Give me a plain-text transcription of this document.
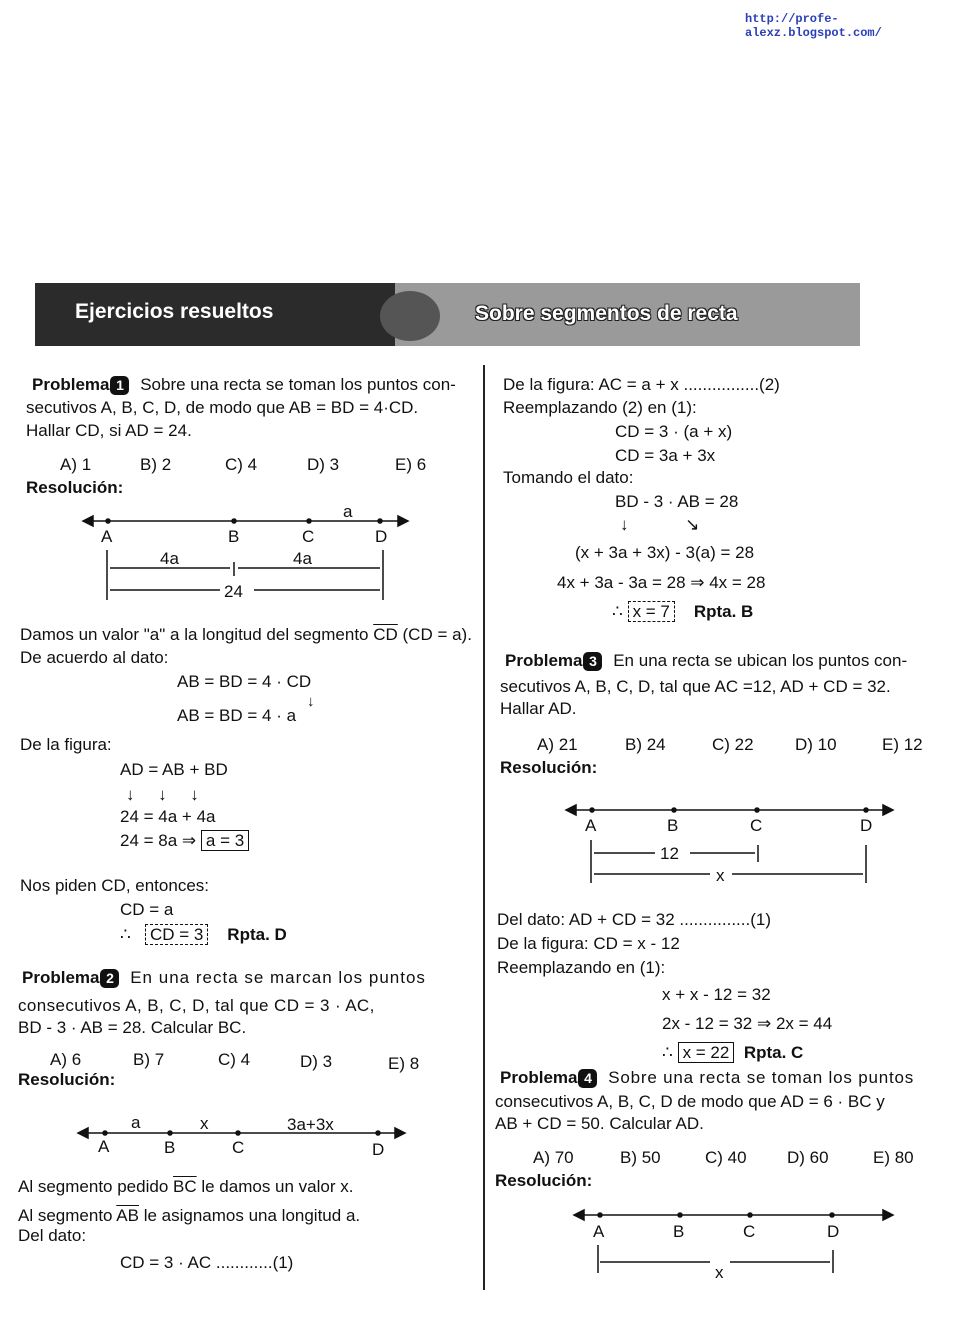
http://profe-alexz.blogspot.com/
Ejercicios resueltos	Sobre segmentos de recta
Problema 1 Sobre una recta se toman los puntos con-
secutivos A, B, C, D, de modo que AB = BD = 4·CD.
Hallar CD, si AD = 24.
A) 1	B) 2	C) 4	D) 3	E) 6
Resolución:
A	B	C	D
a
4a	4a
24
A	B	C	D
a	x	3a+3x
A	B	C	D
12
x
A	B	C	D
x
Damos un valor "a" a la longitud del segmento $\overline{CD}$ (CD = a).
De acuerdo al dato:
AB = BD = 4 · CD
↓
AB = BD = 4 · a
De la figura:
AD = AB + BD
↓     ↓     ↓
24 = 4a + 4a
24 = 8a ⇒ a = 3
Nos piden CD, entonces:
CD = a
∴ CD = 3 Rpta. D
Problema 2 En una recta se marcan los puntos
consecutivos A, B, C, D, tal que CD = 3 · AC,
BD - 3 · AB = 28. Calcular BC.
A) 6	B) 7	C) 4	D) 3	E) 8
Resolución:
Al segmento pedido $\overline{BC}$ le damos un valor x.
Al segmento $\overline{AB}$ le asignamos una longitud a.
Del dato:
CD = 3 · AC ............(1)
De la figura: AC = a + x ................(2)
Reemplazando (2) en (1):
CD = 3 · (a + x)
CD = 3a + 3x
Tomando el dato:
BD - 3 · AB = 28
↓            ↘
(x + 3a + 3x) - 3(a) = 28
4x + 3a - 3a = 28 ⇒ 4x = 28
∴ x = 7 Rpta. B
Problema 3 En una recta se ubican los puntos con-
secutivos A, B, C, D, tal que AC =12, AD + CD = 32.
Hallar AD.
A) 21	B) 24	C) 22 D) 10	E) 12
Resolución:
Del dato: AD + CD = 32 ...............(1)
De la figura: CD = x - 12
Reemplazando en (1):
x + x - 12 = 32
2x - 12 = 32 ⇒ 2x = 44
∴ x = 22 Rpta. C
Problema 4 Sobre una recta se toman los puntos
consecutivos A, B, C, D de modo que AD = 6 · BC y
AB + CD = 50. Calcular AD.
A) 70	B) 50	C) 40 D) 60	E) 80
Resolución:
